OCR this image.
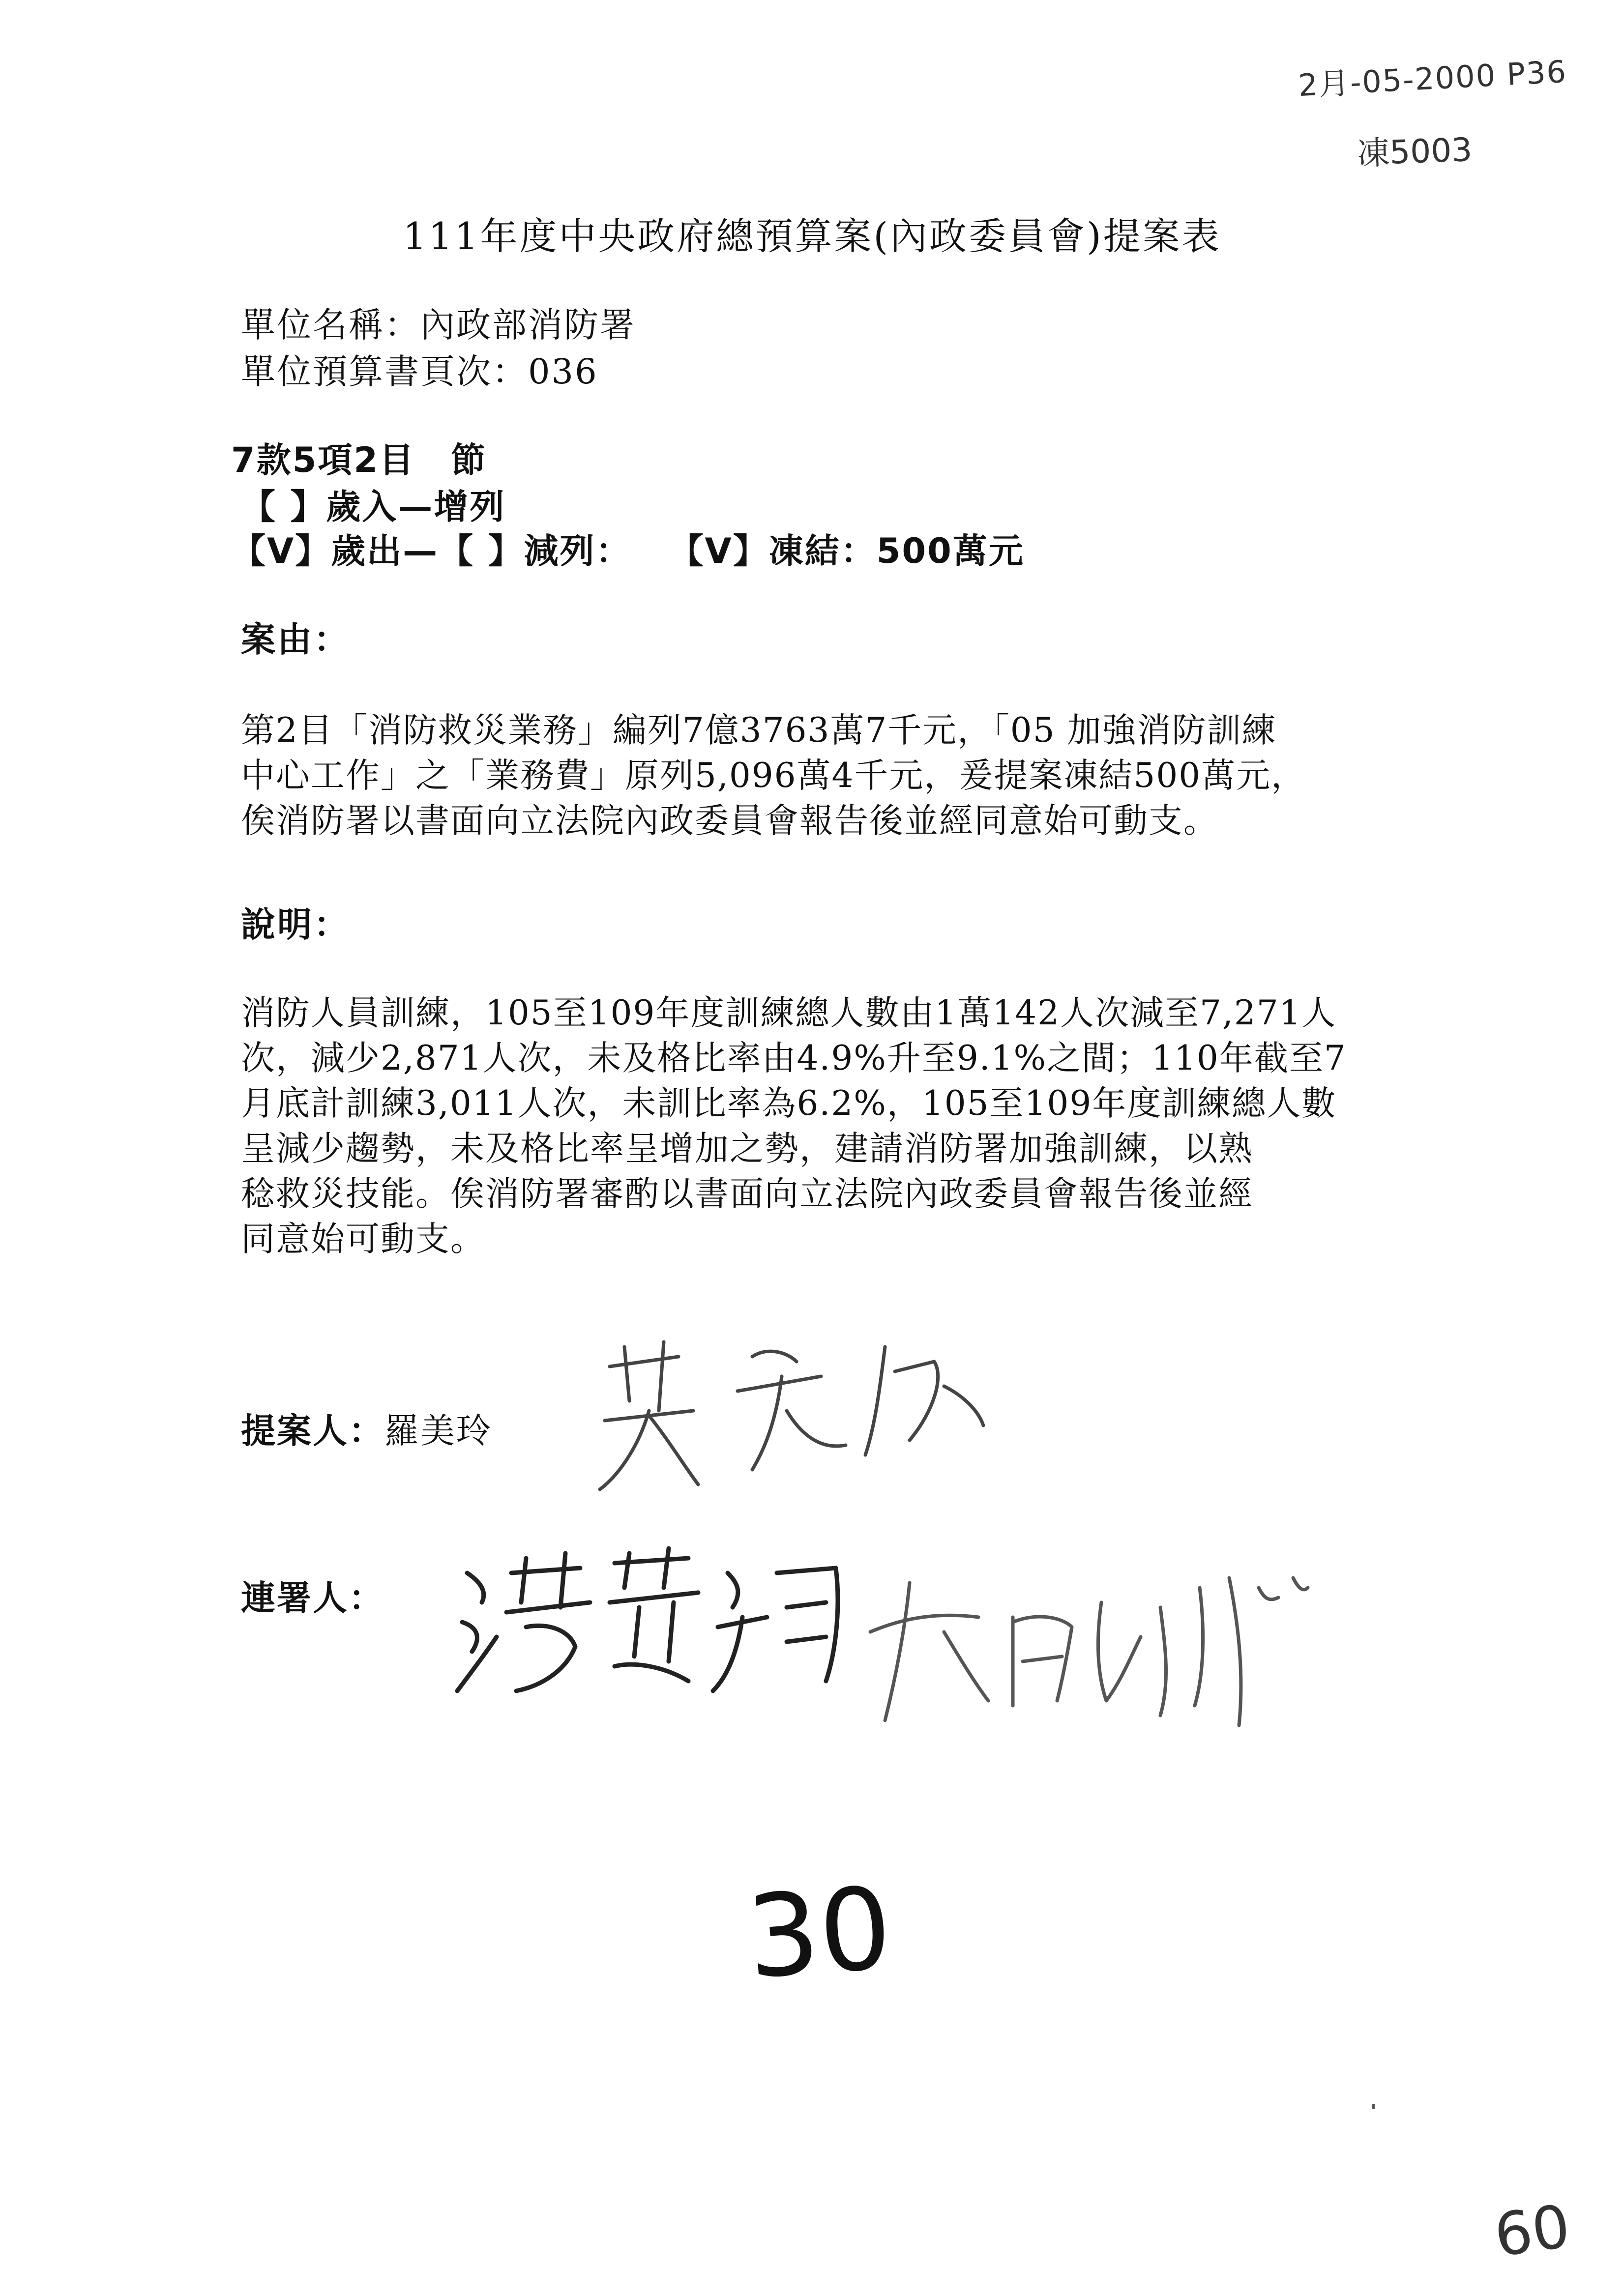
2月-05-2000 P36
凍5003
111年度中央政府總預算案(內政委員會)提案表
單位名稱：內政部消防署
單位預算書頁次：036
7款5項2目　節
【 】歲入—增列
【V】歲出—【 】減列：　　【V】凍結：500萬元
案由：

第2目「消防救災業務」編列7億3763萬7千元，「05 加強消防訓練

中心工作」之「業務費」原列5,096萬4千元，爰提案凍結500萬元，

俟消防署以書面向立法院內政委員會報告後並經同意始可動支。

說明：

消防人員訓練，105至109年度訓練總人數由1萬142人次減至7,271人

次，減少2,871人次，未及格比率由4.9%升至9.1%之間；110年截至7

月底計訓練3,011人次，未訓比率為6.2%，105至109年度訓練總人數

呈減少趨勢，未及格比率呈增加之勢，建請消防署加強訓練，以熟

稔救災技能。俟消防署審酌以書面向立法院內政委員會報告後並經

同意始可動支。

提案人：羅美玲
連署人：
30
60
